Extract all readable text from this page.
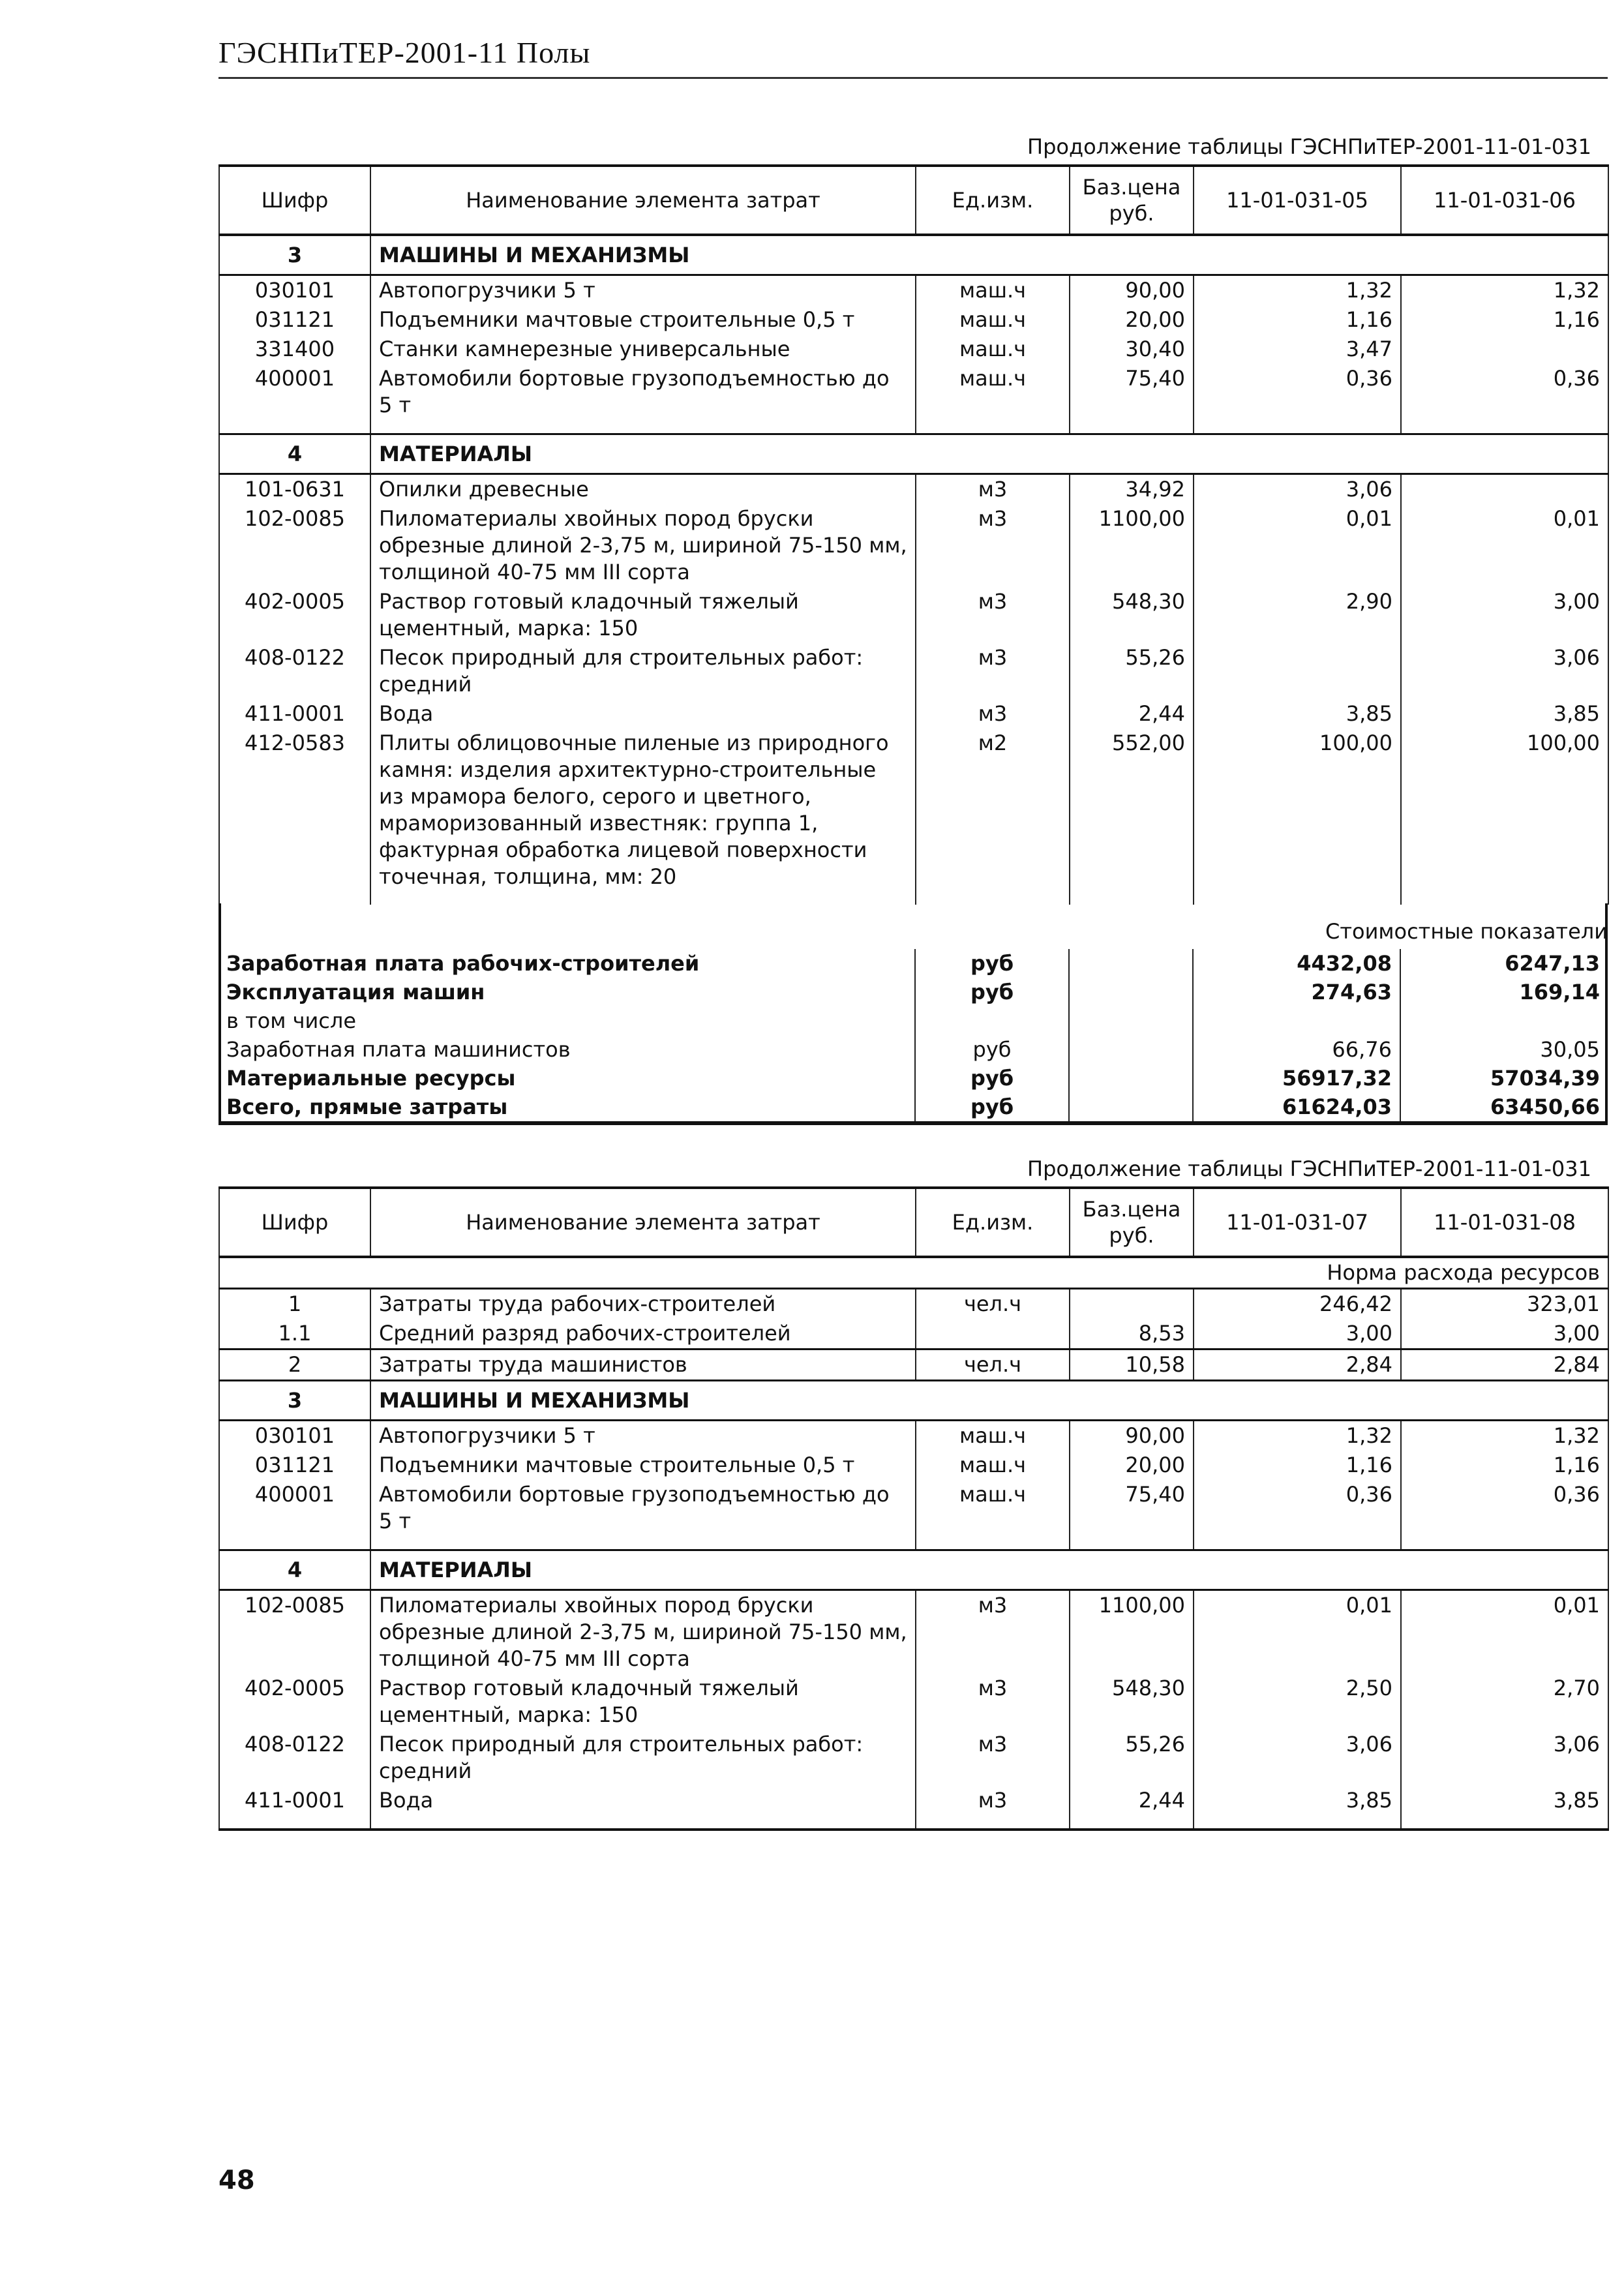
ГЭСНПиТЕР-2001-11 Полы
Продолжение таблицы ГЭСНПиТЕР-2001-11-01-031
Шифр	Наименование элемента затрат	Ед.изм.	Баз.цена руб.	11-01-031-05	11-01-031-06
3	МАШИНЫ И МЕХАНИЗМЫ				
030101	Автопогрузчики 5 т	маш.ч	90,00	1,32	1,32
031121	Подъемники мачтовые строительные 0,5 т	маш.ч	20,00	1,16	1,16
331400	Станки камнерезные универсальные	маш.ч	30,40	3,47	
400001	Автомобили бортовые грузоподъемностью до 5 т	маш.ч	75,40	0,36	0,36

4	МАТЕРИАЛЫ				
101-0631	Опилки древесные	м3	34,92	3,06	
102-0085	Пиломатериалы хвойных пород бруски обрезные длиной 2-3,75 м, шириной 75-150 мм, толщиной 40-75 мм III сорта	м3	1100,00	0,01	0,01
402-0005	Раствор готовый кладочный тяжелый цементный, марка: 150	м3	548,30	2,90	3,00
408-0122	Песок природный для строительных работ: средний	м3	55,26		3,06
411-0001	Вода	м3	2,44	3,85	3,85
412-0583	Плиты облицовочные пиленые из природного камня: изделия архитектурно-строительные из мрамора белого, серого и цветного, мраморизованный известняк: группа 1, фактурная обработка лицевой поверхности точечная, толщина, мм: 20	м2	552,00	100,00	100,00

Стоимостные показатели
Заработная плата рабочих-строителей	руб		4432,08	6247,13
Эксплуатация машин	руб		274,63	169,14
в том числе				
Заработная плата машинистов	руб		66,76	30,05
Материальные ресурсы	руб		56917,32	57034,39
Всего, прямые затраты	руб		61624,03	63450,66
Продолжение таблицы ГЭСНПиТЕР-2001-11-01-031
Шифр	Наименование элемента затрат	Ед.изм.	Баз.цена руб.	11-01-031-07	11-01-031-08
Норма расхода ресурсов					
1	Затраты труда рабочих-строителей	чел.ч		246,42	323,01
1.1	Средний разряд рабочих-строителей		8,53	3,00	3,00
2	Затраты труда машинистов	чел.ч	10,58	2,84	2,84
3	МАШИНЫ И МЕХАНИЗМЫ				
030101	Автопогрузчики 5 т	маш.ч	90,00	1,32	1,32
031121	Подъемники мачтовые строительные 0,5 т	маш.ч	20,00	1,16	1,16
400001	Автомобили бортовые грузоподъемностью до 5 т	маш.ч	75,40	0,36	0,36

4	МАТЕРИАЛЫ				
102-0085	Пиломатериалы хвойных пород бруски обрезные длиной 2-3,75 м, шириной 75-150 мм, толщиной 40-75 мм III сорта	м3	1100,00	0,01	0,01
402-0005	Раствор готовый кладочный тяжелый цементный, марка: 150	м3	548,30	2,50	2,70
408-0122	Песок природный для строительных работ: средний	м3	55,26	3,06	3,06
411-0001	Вода	м3	2,44	3,85	3,85

48
